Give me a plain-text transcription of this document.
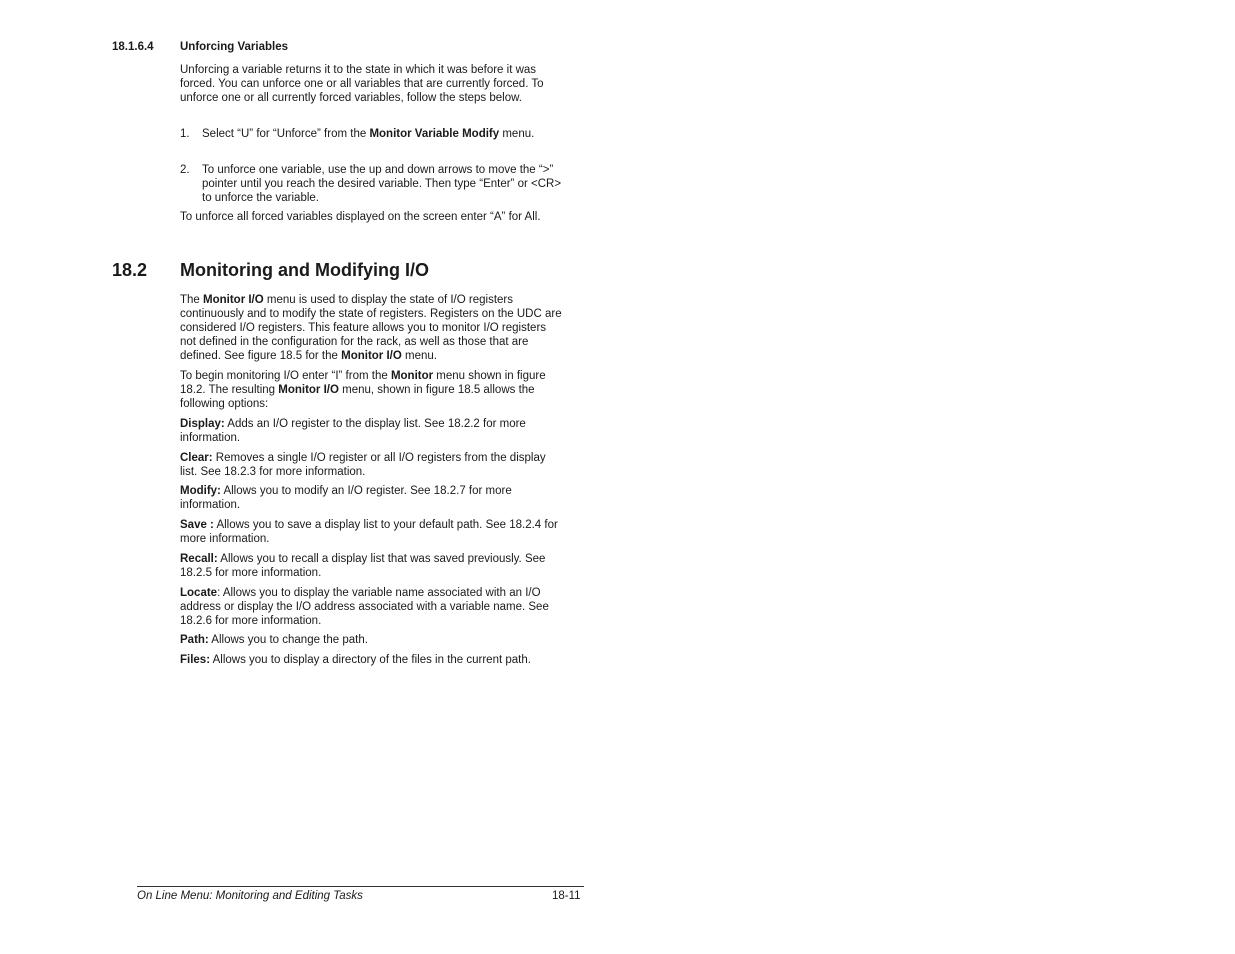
18.1.6.4 Unforcing Variables

Unforcing a variable returns it to the state in which it was before it was forced. You can unforce one or all variables that are currently forced. To unforce one or all currently forced variables, follow the steps below.

1. Select “U” for “Unforce” from the Monitor Variable Modify menu.
2. To unforce one variable, use the up and down arrows to move the “>” pointer until you reach the desired variable. Then type “Enter” or <CR> to unforce the variable.

To unforce all forced variables displayed on the screen enter “A” for All.

18.2 Monitoring and Modifying I/O

The Monitor I/O menu is used to display the state of I/O registers continuously and to modify the state of registers. Registers on the UDC are considered I/O registers. This feature allows you to monitor I/O registers not defined in the configuration for the rack, as well as those that are defined. See figure 18.5 for the Monitor I/O menu.

To begin monitoring I/O enter “I” from the Monitor menu shown in figure 18.2. The resulting Monitor I/O menu, shown in figure 18.5 allows the following options:

Display: Adds an I/O register to the display list. See 18.2.2 for more information.

Clear: Removes a single I/O register or all I/O registers from the display list. See 18.2.3 for more information.

Modify: Allows you to modify an I/O register. See 18.2.7 for more information.

Save : Allows you to save a display list to your default path. See 18.2.4 for more information.

Recall: Allows you to recall a display list that was saved previously. See 18.2.5 for more information.

Locate: Allows you to display the variable name associated with an I/O address or display the I/O address associated with a variable name. See 18.2.6 for more information.

Path: Allows you to change the path.

Files: Allows you to display a directory of the files in the current path.

On Line Menu: Monitoring and Editing Tasks	18-11
